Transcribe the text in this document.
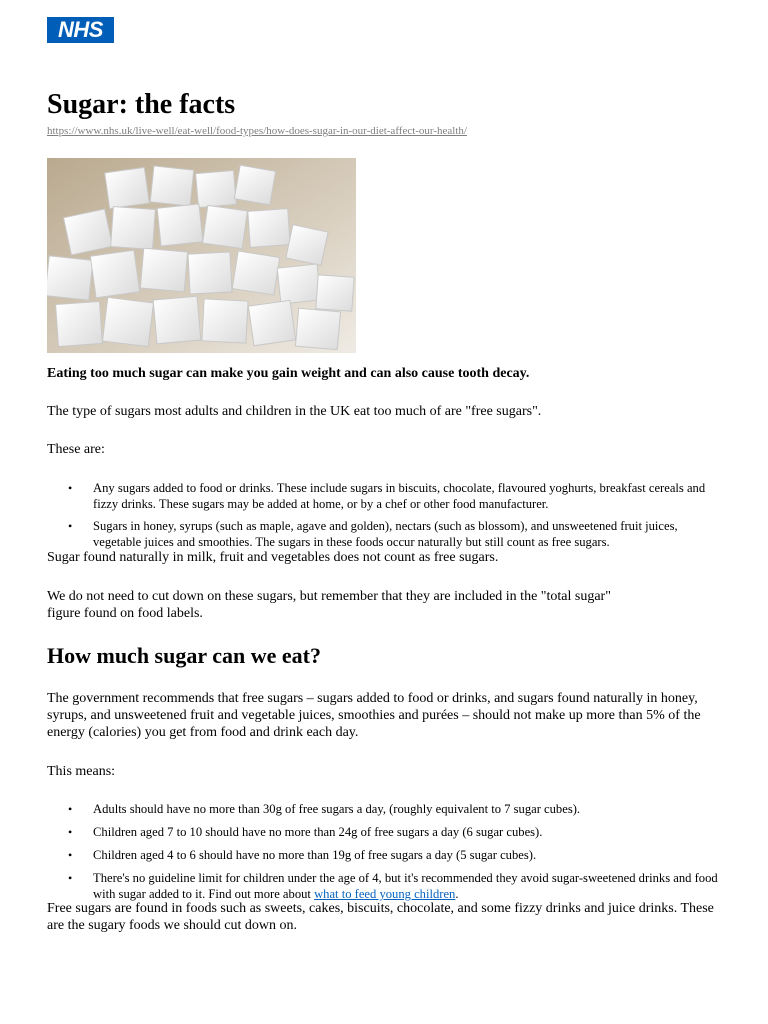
NHS
Sugar: the facts

https://www.nhs.uk/live-well/eat-well/food-types/how-does-sugar-in-our-diet-affect-our-health/

Eating too much sugar can make you gain weight and can also cause tooth decay.

The type of sugars most adults and children in the UK eat too much of are "free sugars".

These are:

• Any sugars added to food or drinks. These include sugars in biscuits, chocolate, flavoured yoghurts, breakfast cereals and fizzy drinks. These sugars may be added at home, or by a chef or other food manufacturer.
• Sugars in honey, syrups (such as maple, agave and golden), nectars (such as blossom), and unsweetened fruit juices, vegetable juices and smoothies. The sugars in these foods occur naturally but still count as free sugars.

Sugar found naturally in milk, fruit and vegetables does not count as free sugars.

We do not need to cut down on these sugars, but remember that they are included in the "total sugar"
figure found on food labels.

How much sugar can we eat?

The government recommends that free sugars – sugars added to food or drinks, and sugars found naturally in honey, syrups, and unsweetened fruit and vegetable juices, smoothies and purées – should not make up more than 5% of the energy (calories) you get from food and drink each day.

This means:

• Adults should have no more than 30g of free sugars a day, (roughly equivalent to 7 sugar cubes).
• Children aged 7 to 10 should have no more than 24g of free sugars a day (6 sugar cubes).
• Children aged 4 to 6 should have no more than 19g of free sugars a day (5 sugar cubes).
• There's no guideline limit for children under the age of 4, but it's recommended they avoid sugar-sweetened drinks and food with sugar added to it. Find out more about what to feed young children.

Free sugars are found in foods such as sweets, cakes, biscuits, chocolate, and some fizzy drinks and juice drinks. These are the sugary foods we should cut down on.
